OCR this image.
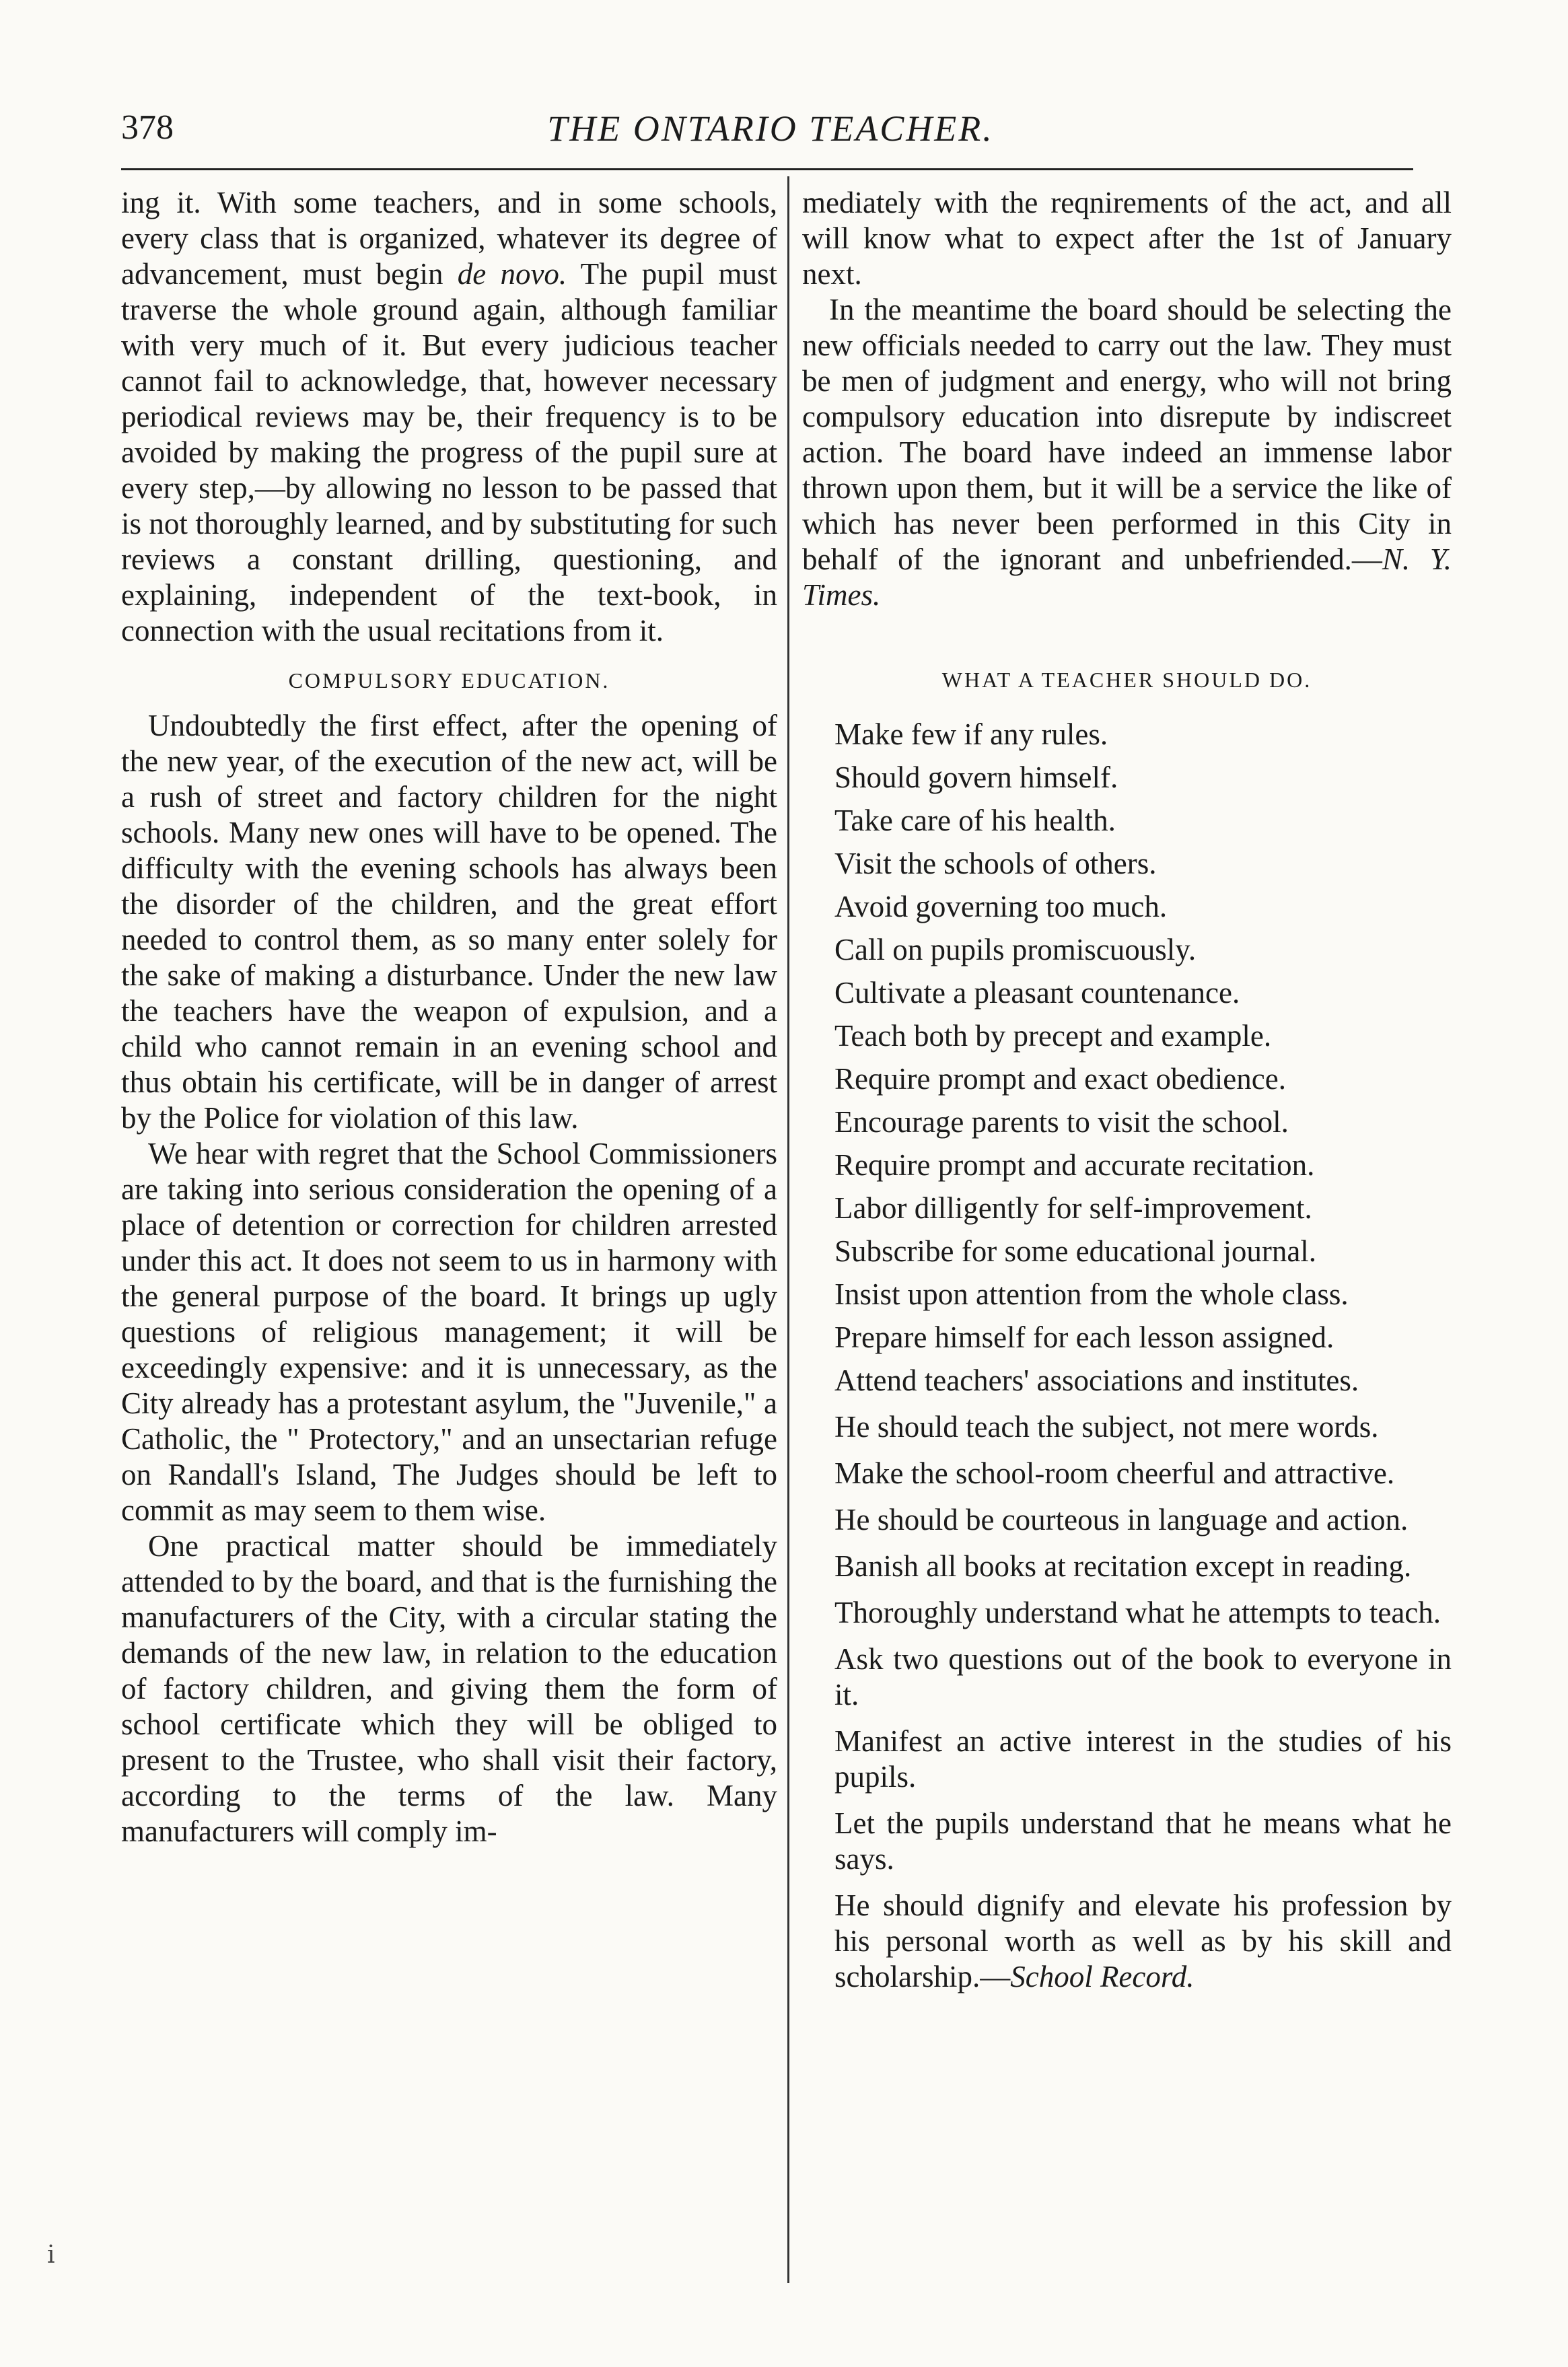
378	THE ONTARIO TEACHER.

ing it. With some teachers, and in some schools, every class that is organized, whatever its degree of advancement, must begin de novo. The pupil must traverse the whole ground again, although familiar with very much of it. But every judicious teacher cannot fail to acknowledge, that, however necessary periodical reviews may be, their frequency is to be avoided by making the progress of the pupil sure at every step,—by allowing no lesson to be passed that is not thoroughly learned, and by substituting for such reviews a constant drilling, questioning, and explaining, independent of the text-book, in connection with the usual recitations from it.

COMPULSORY EDUCATION.

Undoubtedly the first effect, after the opening of the new year, of the execution of the new act, will be a rush of street and factory children for the night schools. Many new ones will have to be opened. The difficulty with the evening schools has always been the disorder of the children, and the great effort needed to control them, as so many enter solely for the sake of making a disturbance. Under the new law the teachers have the weapon of expulsion, and a child who cannot remain in an evening school and thus obtain his certificate, will be in danger of arrest by the Police for violation of this law.

We hear with regret that the School Commissioners are taking into serious consideration the opening of a place of detention or correction for children arrested under this act. It does not seem to us in harmony with the general purpose of the board. It brings up ugly questions of religious management; it will be exceedingly expensive: and it is unnecessary, as the City already has a protestant asylum, the "Juvenile," a Catholic, the " Protectory," and an unsectarian refuge on Randall's Island, The Judges should be left to commit as may seem to them wise.

One practical matter should be immediately attended to by the board, and that is the furnishing the manufacturers of the City, with a circular stating the demands of the new law, in relation to the education of factory children, and giving them the form of school certificate which they will be obliged to present to the Trustee, who shall visit their factory, according to the terms of the law. Many manufacturers will comply im-

mediately with the reqnirements of the act, and all will know what to expect after the 1st of January next.

In the meantime the board should be selecting the new officials needed to carry out the law. They must be men of judgment and energy, who will not bring compulsory education into disrepute by indiscreet action. The board have indeed an immense labor thrown upon them, but it will be a service the like of which has never been performed in this City in behalf of the ignorant and unbefriended.—N. Y. Times.

WHAT A TEACHER SHOULD DO.
Make few if any rules.
Should govern himself.
Take care of his health.
Visit the schools of others.
Avoid governing too much.
Call on pupils promiscuously.
Cultivate a pleasant countenance.
Teach both by precept and example.
Require prompt and exact obedience.
Encourage parents to visit the school.
Require prompt and accurate recitation.
Labor dilligently for self-improvement.
Subscribe for some educational journal.
Insist upon attention from the whole class.
Prepare himself for each lesson assigned.
Attend teachers' associations and institutes.
He should teach the subject, not mere words.
Make the school-room cheerful and attractive.
He should be courteous in language and action.
Banish all books at recitation except in reading.
Thoroughly understand what he attempts to teach.
Ask two questions out of the book to everyone in it.
Manifest an active interest in the studies of his pupils.
Let the pupils understand that he means what he says.
He should dignify and elevate his profession by his personal worth as well as by his skill and scholarship.—School Record.
ⅰ
